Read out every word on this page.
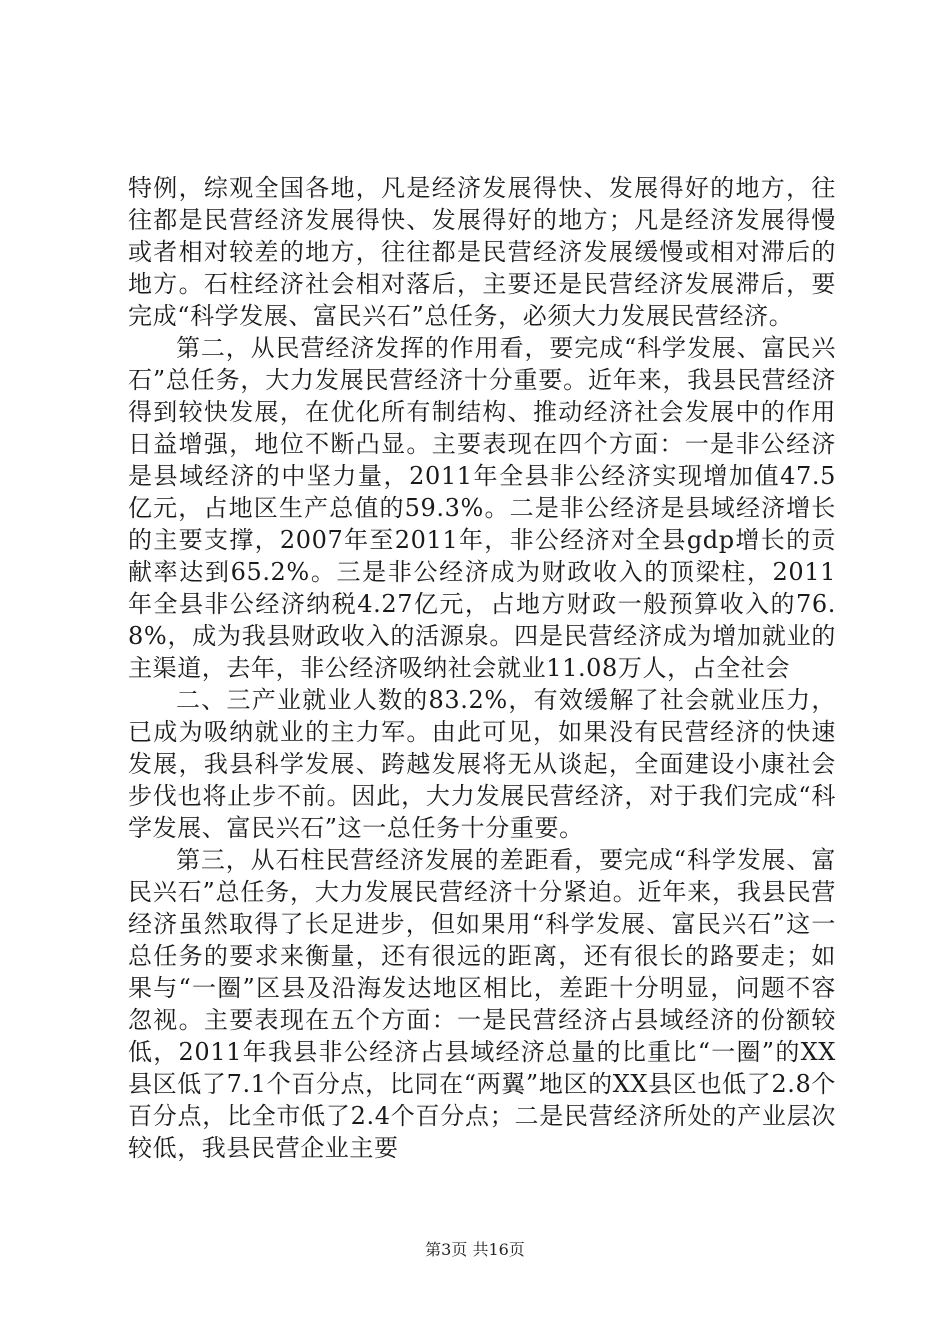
特例，综观全国各地，凡是经济发展得快、发展得好的地方，往往都是民营经济发展得快、发展得好的地方；凡是经济发展得慢或者相对较差的地方，往往都是民营经济发展缓慢或相对滞后的地方。石柱经济社会相对落后，主要还是民营经济发展滞后，要完成“科学发展、富民兴石”总任务，必须大力发展民营经济。

第二，从民营经济发挥的作用看，要完成“科学发展、富民兴石”总任务，大力发展民营经济十分重要。近年来，我县民营经济得到较快发展，在优化所有制结构、推动经济社会发展中的作用日益增强，地位不断凸显。主要表现在四个方面：一是非公经济是县域经济的中坚力量，2011年全县非公经济实现增加值47.5亿元，占地区生产总值的59.3%。二是非公经济是县域经济增长的主要支撑，2007年至2011年，非公经济对全县gdp增长的贡献率达到65.2%。三是非公经济成为财政收入的顶梁柱，2011年全县非公经济纳税4.27亿元，占地方财政一般预算收入的76.8%，成为我县财政收入的活源泉。四是民营经济成为增加就业的主渠道，去年，非公经济吸纳社会就业11.08万人，占全社会

二、三产业就业人数的83.2%，有效缓解了社会就业压力，已成为吸纳就业的主力军。由此可见，如果没有民营经济的快速发展，我县科学发展、跨越发展将无从谈起，全面建设小康社会步伐也将止步不前。因此，大力发展民营经济，对于我们完成“科学发展、富民兴石”这一总任务十分重要。

第三，从石柱民营经济发展的差距看，要完成“科学发展、富民兴石”总任务，大力发展民营经济十分紧迫。近年来，我县民营经济虽然取得了长足进步，但如果用“科学发展、富民兴石”这一总任务的要求来衡量，还有很远的距离，还有很长的路要走；如果与“一圈”区县及沿海发达地区相比，差距十分明显，问题不容忽视。主要表现在五个方面：一是民营经济占县域经济的份额较低，2011年我县非公经济占县域经济总量的比重比“一圈”的XX县区低了7.1个百分点，比同在“两翼”地区的XX县区也低了2.8个百分点，比全市低了2.4个百分点；二是民营经济所处的产业层次较低，我县民营企业主要

第3页 共16页
